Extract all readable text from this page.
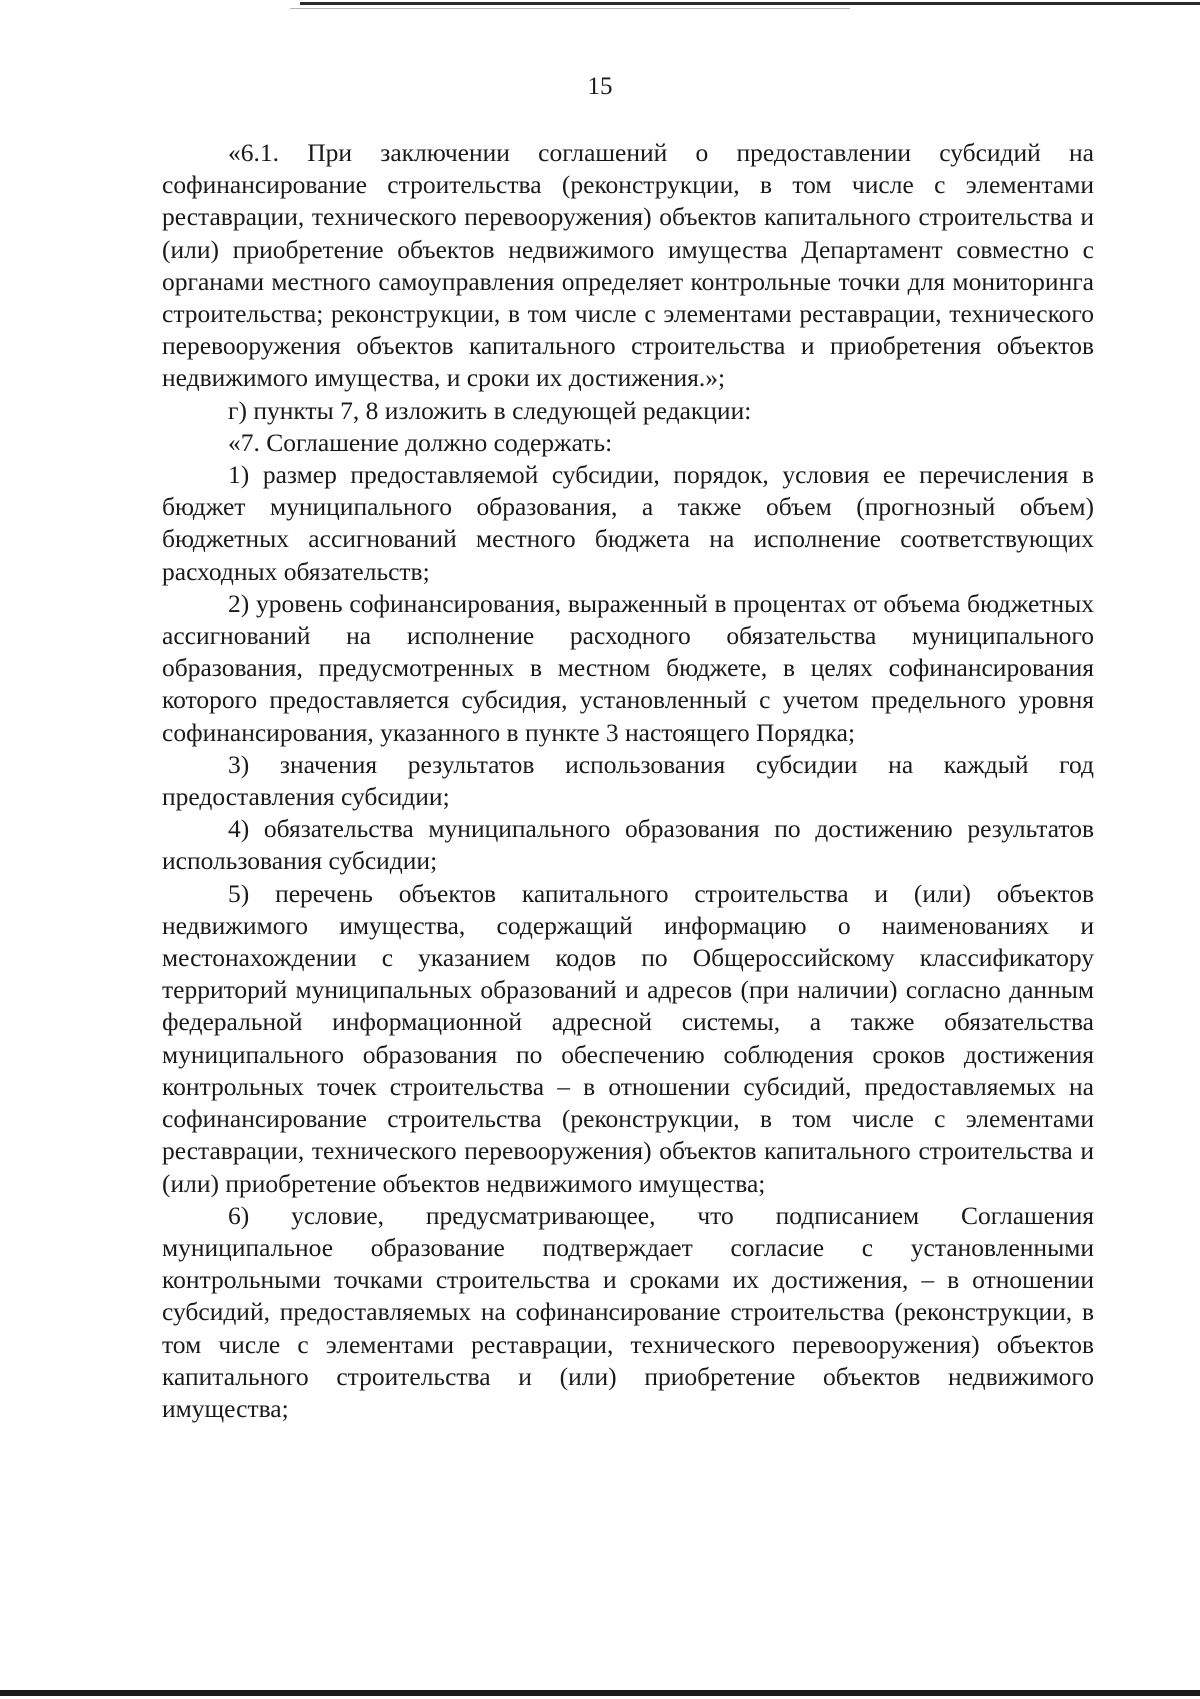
15

«6.1. При заключении соглашений о предоставлении субсидий на софинансирование строительства (реконструкции, в том числе с элементами реставрации, технического перевооружения) объектов капитального строительства и (или) приобретение объектов недвижимого имущества Департамент совместно с органами местного самоуправления определяет контрольные точки для мониторинга строительства; реконструкции, в том числе с элементами реставрации, технического перевооружения объектов капитального строительства и приобретения объектов недвижимого имущества, и сроки их достижения.»;

г) пункты 7, 8 изложить в следующей редакции:

«7. Соглашение должно содержать:

1) размер предоставляемой субсидии, порядок, условия ее перечисления в бюджет муниципального образования, а также объем (прогнозный объем) бюджетных ассигнований местного бюджета на исполнение соответствующих расходных обязательств;

2) уровень софинансирования, выраженный в процентах от объема бюджетных ассигнований на исполнение расходного обязательства муниципального образования, предусмотренных в местном бюджете, в целях софинансирования которого предоставляется субсидия, установленный с учетом предельного уровня софинансирования, указанного в пункте 3 настоящего Порядка;

3) значения результатов использования субсидии на каждый год предоставления субсидии;

4) обязательства муниципального образования по достижению результатов использования субсидии;

5) перечень объектов капитального строительства и (или) объектов недвижимого имущества, содержащий информацию о наименованиях и местонахождении с указанием кодов по Общероссийскому классификатору территорий муниципальных образований и адресов (при наличии) согласно данным федеральной информационной адресной системы, а также обязательства муниципального образования по обеспечению соблюдения сроков достижения контрольных точек строительства – в отношении субсидий, предоставляемых на софинансирование строительства (реконструкции, в том числе с элементами реставрации, технического перевооружения) объектов капитального строительства и (или) приобретение объектов недвижимого имущества;

6) условие, предусматривающее, что подписанием Соглашения муниципальное образование подтверждает согласие с установленными контрольными точками строительства и сроками их достижения, – в отношении субсидий, предоставляемых на софинансирование строительства (реконструкции, в том числе с элементами реставрации, технического перевооружения) объектов капитального строительства и (или) приобретение объектов недвижимого имущества;
